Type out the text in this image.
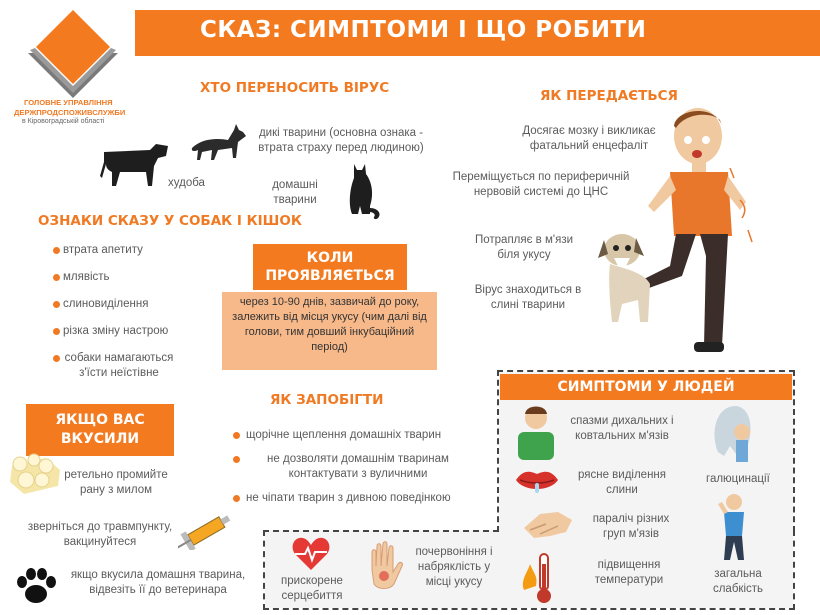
ГОЛОВНЕ УПРАВЛІННЯ
ДЕРЖПРОДСПОЖИВСЛУЖБИ
в Кіровоградській області
СКАЗ: СИМПТОМИ І ЩО РОБИТИ
ХТО ПЕРЕНОСИТЬ ВІРУС
дикі тварини (основна ознака - втрата страху перед людиною)
худоба	домашні тварини
ОЗНАКИ СКАЗУ У СОБАК І КІШОК
втрата апетиту
млявість
слиновиділення
різка зміну настрою
собаки намагаються з'їсти неїстівне
КОЛИ ПРОЯВЛЯЄТЬСЯ
через 10-90 днів, зазвичай до року, залежить від місця укусу (чим далі від голови, тим довший інкубаційний період)
ЯК ПЕРЕДАЄТЬСЯ
Досягає мозку і викликає фатальний енцефаліт
Переміщується по периферичній нервовій системі до ЦНС
Потрапляє в м'язи біля укусу
Вірус знаходиться в слині тварини
ЯКЩО ВАС ВКУСИЛИ
ретельно промийте рану з милом
зверніться до травмпункту, вакцинуйтеся
якщо вкусила домашня тварина, відвезіть її до ветеринара
ЯК ЗАПОБІГТИ
щорічне щеплення домашніх тварин
не дозволяти домашнім тваринам контактувати з вуличними
не чіпати тварин з дивною поведінкою
СИМПТОМИ У ЛЮДЕЙ
спазми дихальних і ковтальних м'язів
галюцинації
рясне виділення слини
параліч різних груп м'язів
загальна слабкість
підвищення температури
прискорене серцебиття
почервоніння і набряклість у місці укусу
